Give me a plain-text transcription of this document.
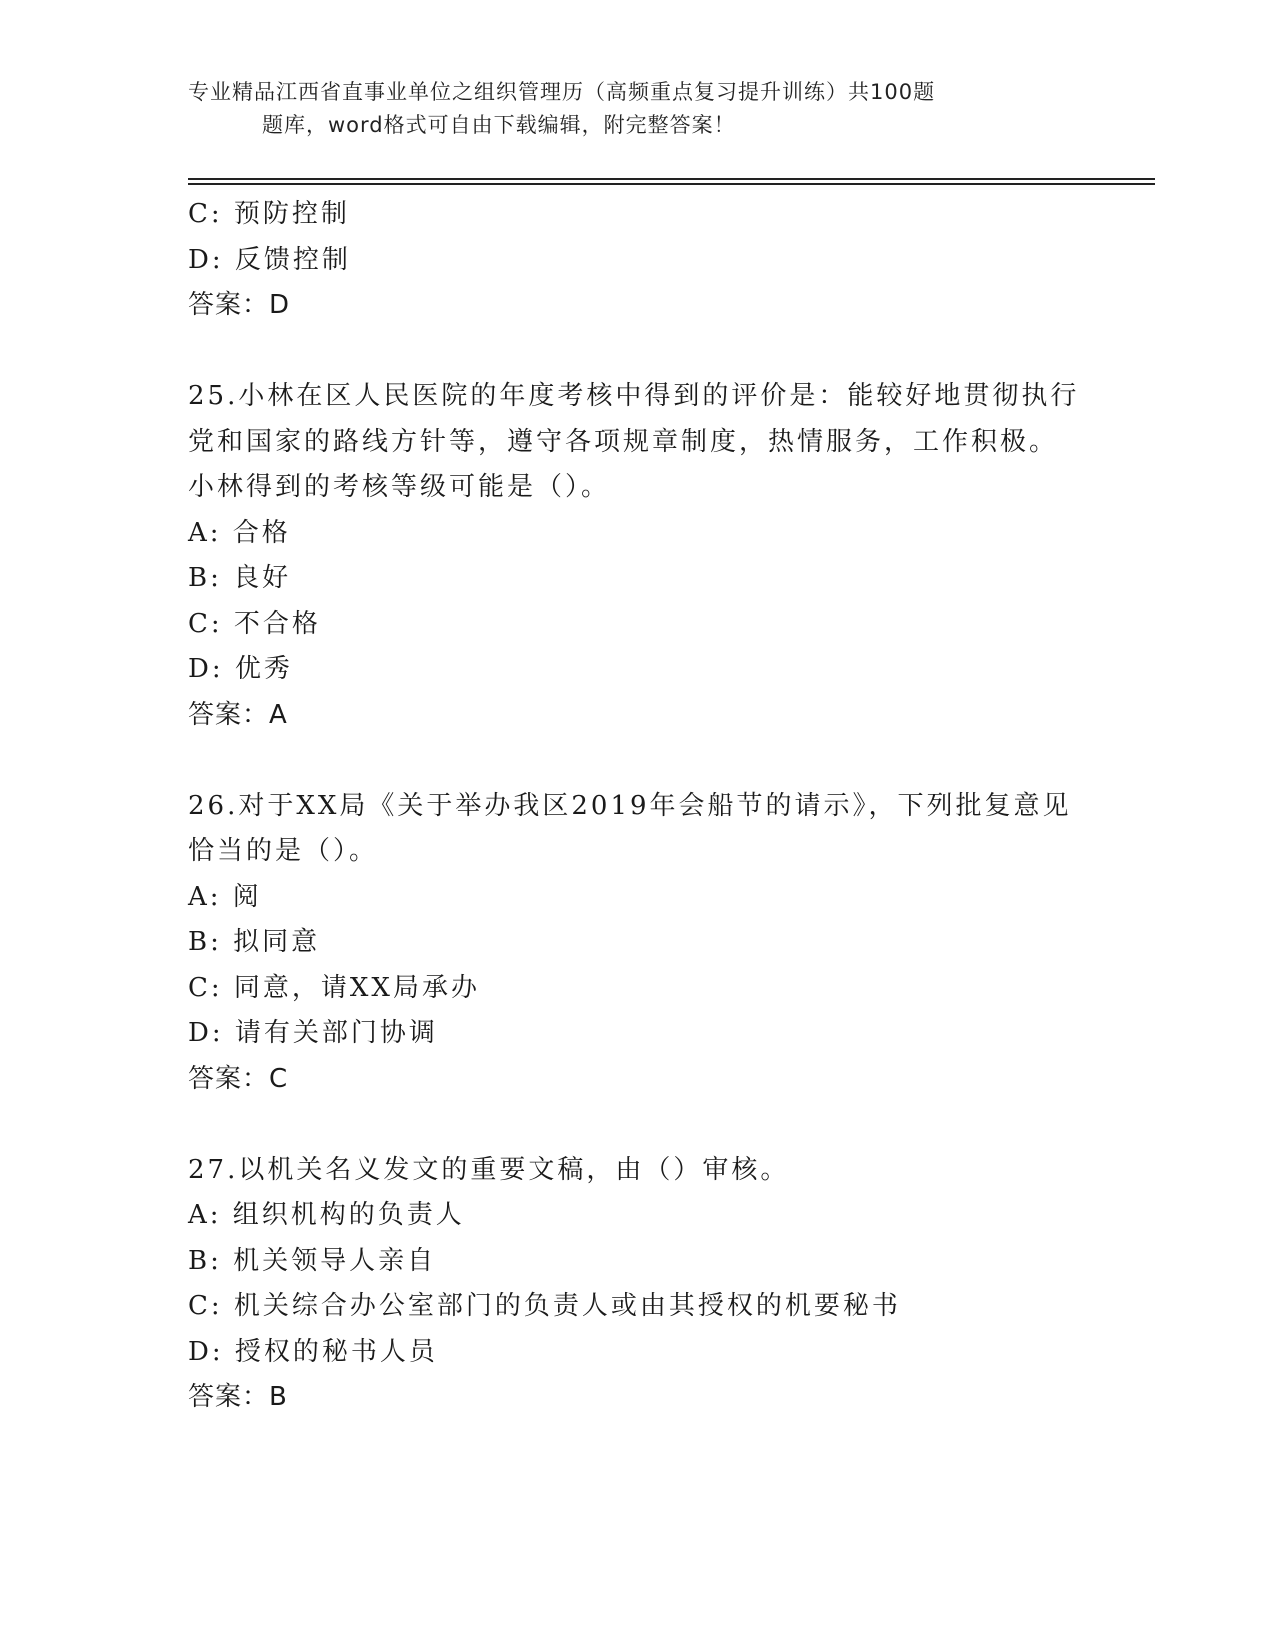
专业精品江西省直事业单位之组织管理历（高频重点复习提升训练）共100题
题库，word格式可自由下载编辑，附完整答案！
C: 预防控制
D: 反馈控制
答案：D
25.小林在区人民医院的年度考核中得到的评价是：能较好地贯彻执行
党和国家的路线方针等，遵守各项规章制度，热情服务，工作积极。
小林得到的考核等级可能是（）。
A: 合格
B: 良好
C: 不合格
D: 优秀
答案：A
26.对于XX局《关于举办我区2019年会船节的请示》，下列批复意见
恰当的是（）。
A: 阅
B: 拟同意
C: 同意，请XX局承办
D: 请有关部门协调
答案：C
27.以机关名义发文的重要文稿，由（）审核。
A: 组织机构的负责人
B: 机关领导人亲自
C: 机关综合办公室部门的负责人或由其授权的机要秘书
D: 授权的秘书人员
答案：B
